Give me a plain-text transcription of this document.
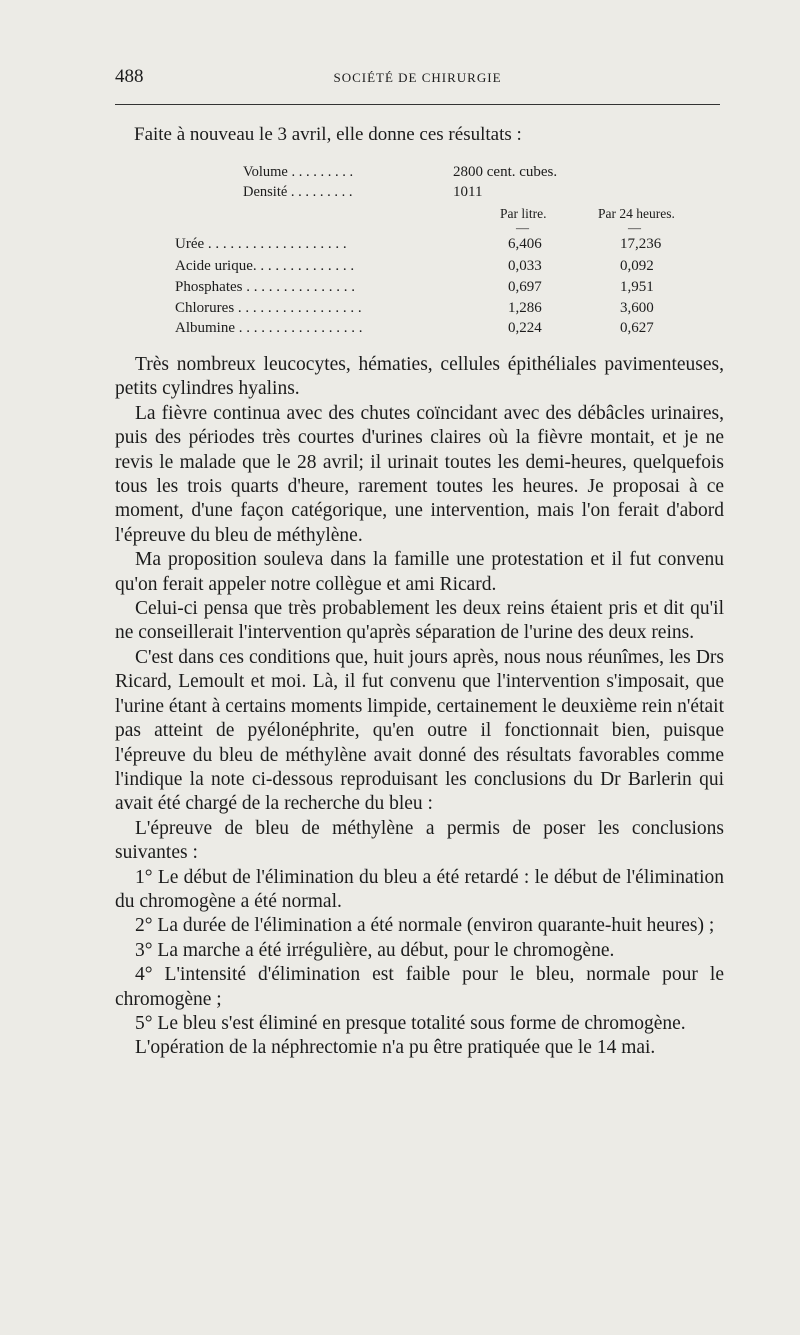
488	SOCIÉTÉ DE CHIRURGIE
Faite à nouveau le 3 avril, elle donne ces résultats :
Volume . . . . . . . . .	2800 cent. cubes.
Densité . . . . . . . . .	1011
Par litre.	Par 24 heures.
—	—
Urée . . . . . . . . . . . . . . . . . . .	6,406	17,236
Acide urique. . . . . . . . . . . . . .	0,033	0,092
Phosphates . . . . . . . . . . . . . . .	0,697	1,951
Chlorures . . . . . . . . . . . . . . . . .	1,286	3,600
Albumine . . . . . . . . . . . . . . . . .	0,224	0,627

Très nombreux leucocytes, hématies, cellules épithéliales pavimenteuses, petits cylindres hyalins.

La fièvre continua avec des chutes coïncidant avec des débâcles urinaires, puis des périodes très courtes d'urines claires où la fièvre montait, et je ne revis le malade que le 28 avril; il urinait toutes les demi-heures, quelquefois tous les trois quarts d'heure, rarement toutes les heures. Je proposai à ce moment, d'une façon catégorique, une intervention, mais l'on ferait d'abord l'épreuve du bleu de méthylène.

Ma proposition souleva dans la famille une protestation et il fut convenu qu'on ferait appeler notre collègue et ami Ricard.

Celui-ci pensa que très probablement les deux reins étaient pris et dit qu'il ne conseillerait l'intervention qu'après séparation de l'urine des deux reins.

C'est dans ces conditions que, huit jours après, nous nous réunîmes, les Drs Ricard, Lemoult et moi. Là, il fut convenu que l'intervention s'imposait, que l'urine étant à certains moments limpide, certainement le deuxième rein n'était pas atteint de pyélonéphrite, qu'en outre il fonctionnait bien, puisque l'épreuve du bleu de méthylène avait donné des résultats favorables comme l'indique la note ci-dessous reproduisant les conclusions du Dr Barlerin qui avait été chargé de la recherche du bleu :

L'épreuve de bleu de méthylène a permis de poser les conclusions suivantes :

1° Le début de l'élimination du bleu a été retardé : le début de l'élimination du chromogène a été normal.

2° La durée de l'élimination a été normale (environ quarante-huit heures) ;

3° La marche a été irrégulière, au début, pour le chromogène.

4° L'intensité d'élimination est faible pour le bleu, normale pour le chromogène ;

5° Le bleu s'est éliminé en presque totalité sous forme de chromogène.

L'opération de la néphrectomie n'a pu être pratiquée que le 14 mai.
